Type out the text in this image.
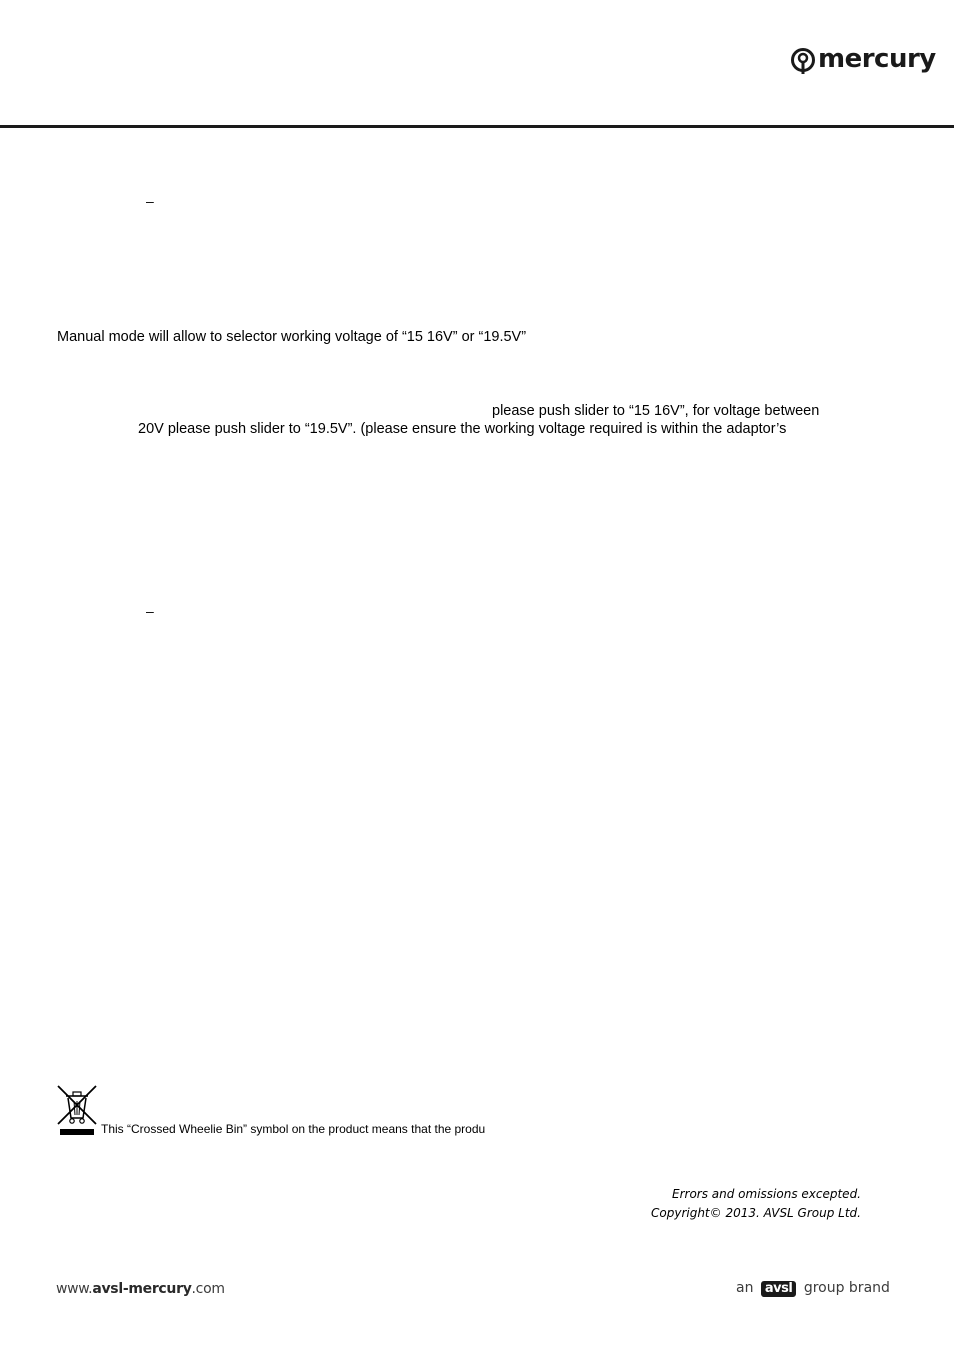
mercury
–
Manual mode will allow to selector working voltage of “15 16V” or “19.5V”
please push slider to “15 16V”, for voltage between
20V please push slider to “19.5V”. (please ensure the working voltage required is within the adaptor’s
–
This “Crossed Wheelie Bin” symbol on the product means that the produ
Errors and omissions excepted.
Copyright© 2013. AVSL Group Ltd.
www.avsl-mercury.com	an avsl group brand
